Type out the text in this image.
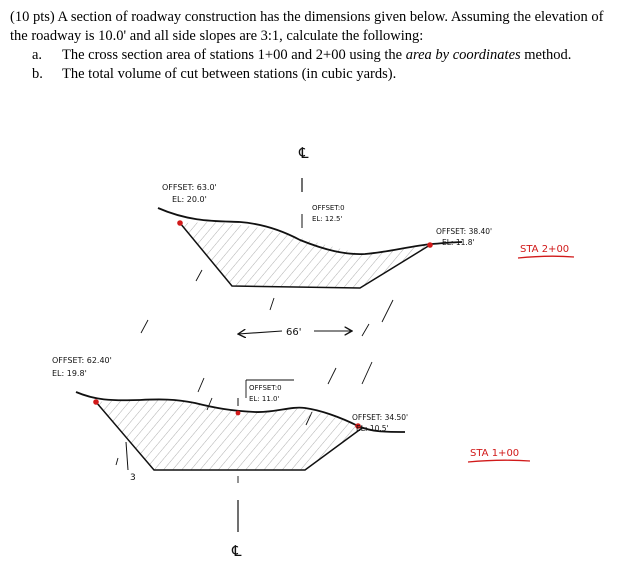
(10 pts) A section of roadway construction has the dimensions given below. Assuming the elevation of the roadway is 10.0' and all side slopes are 3:1, calculate the following:

a. The cross section area of stations 1+00 and 2+00 using the area by coordinates method.

b. The total volume of cut between stations (in cubic yards).

℄
OFFSET: 63.0'
EL: 20.0'
OFFSET:0
EL: 12.5'
OFFSET: 38.40'
EL: 11.8'
STA 2+00
66'
℄
3
OFFSET: 62.40'
EL: 19.8'
OFFSET:0
EL: 11.0'
OFFSET: 34.50'
EL: 10.5'
STA 1+00
